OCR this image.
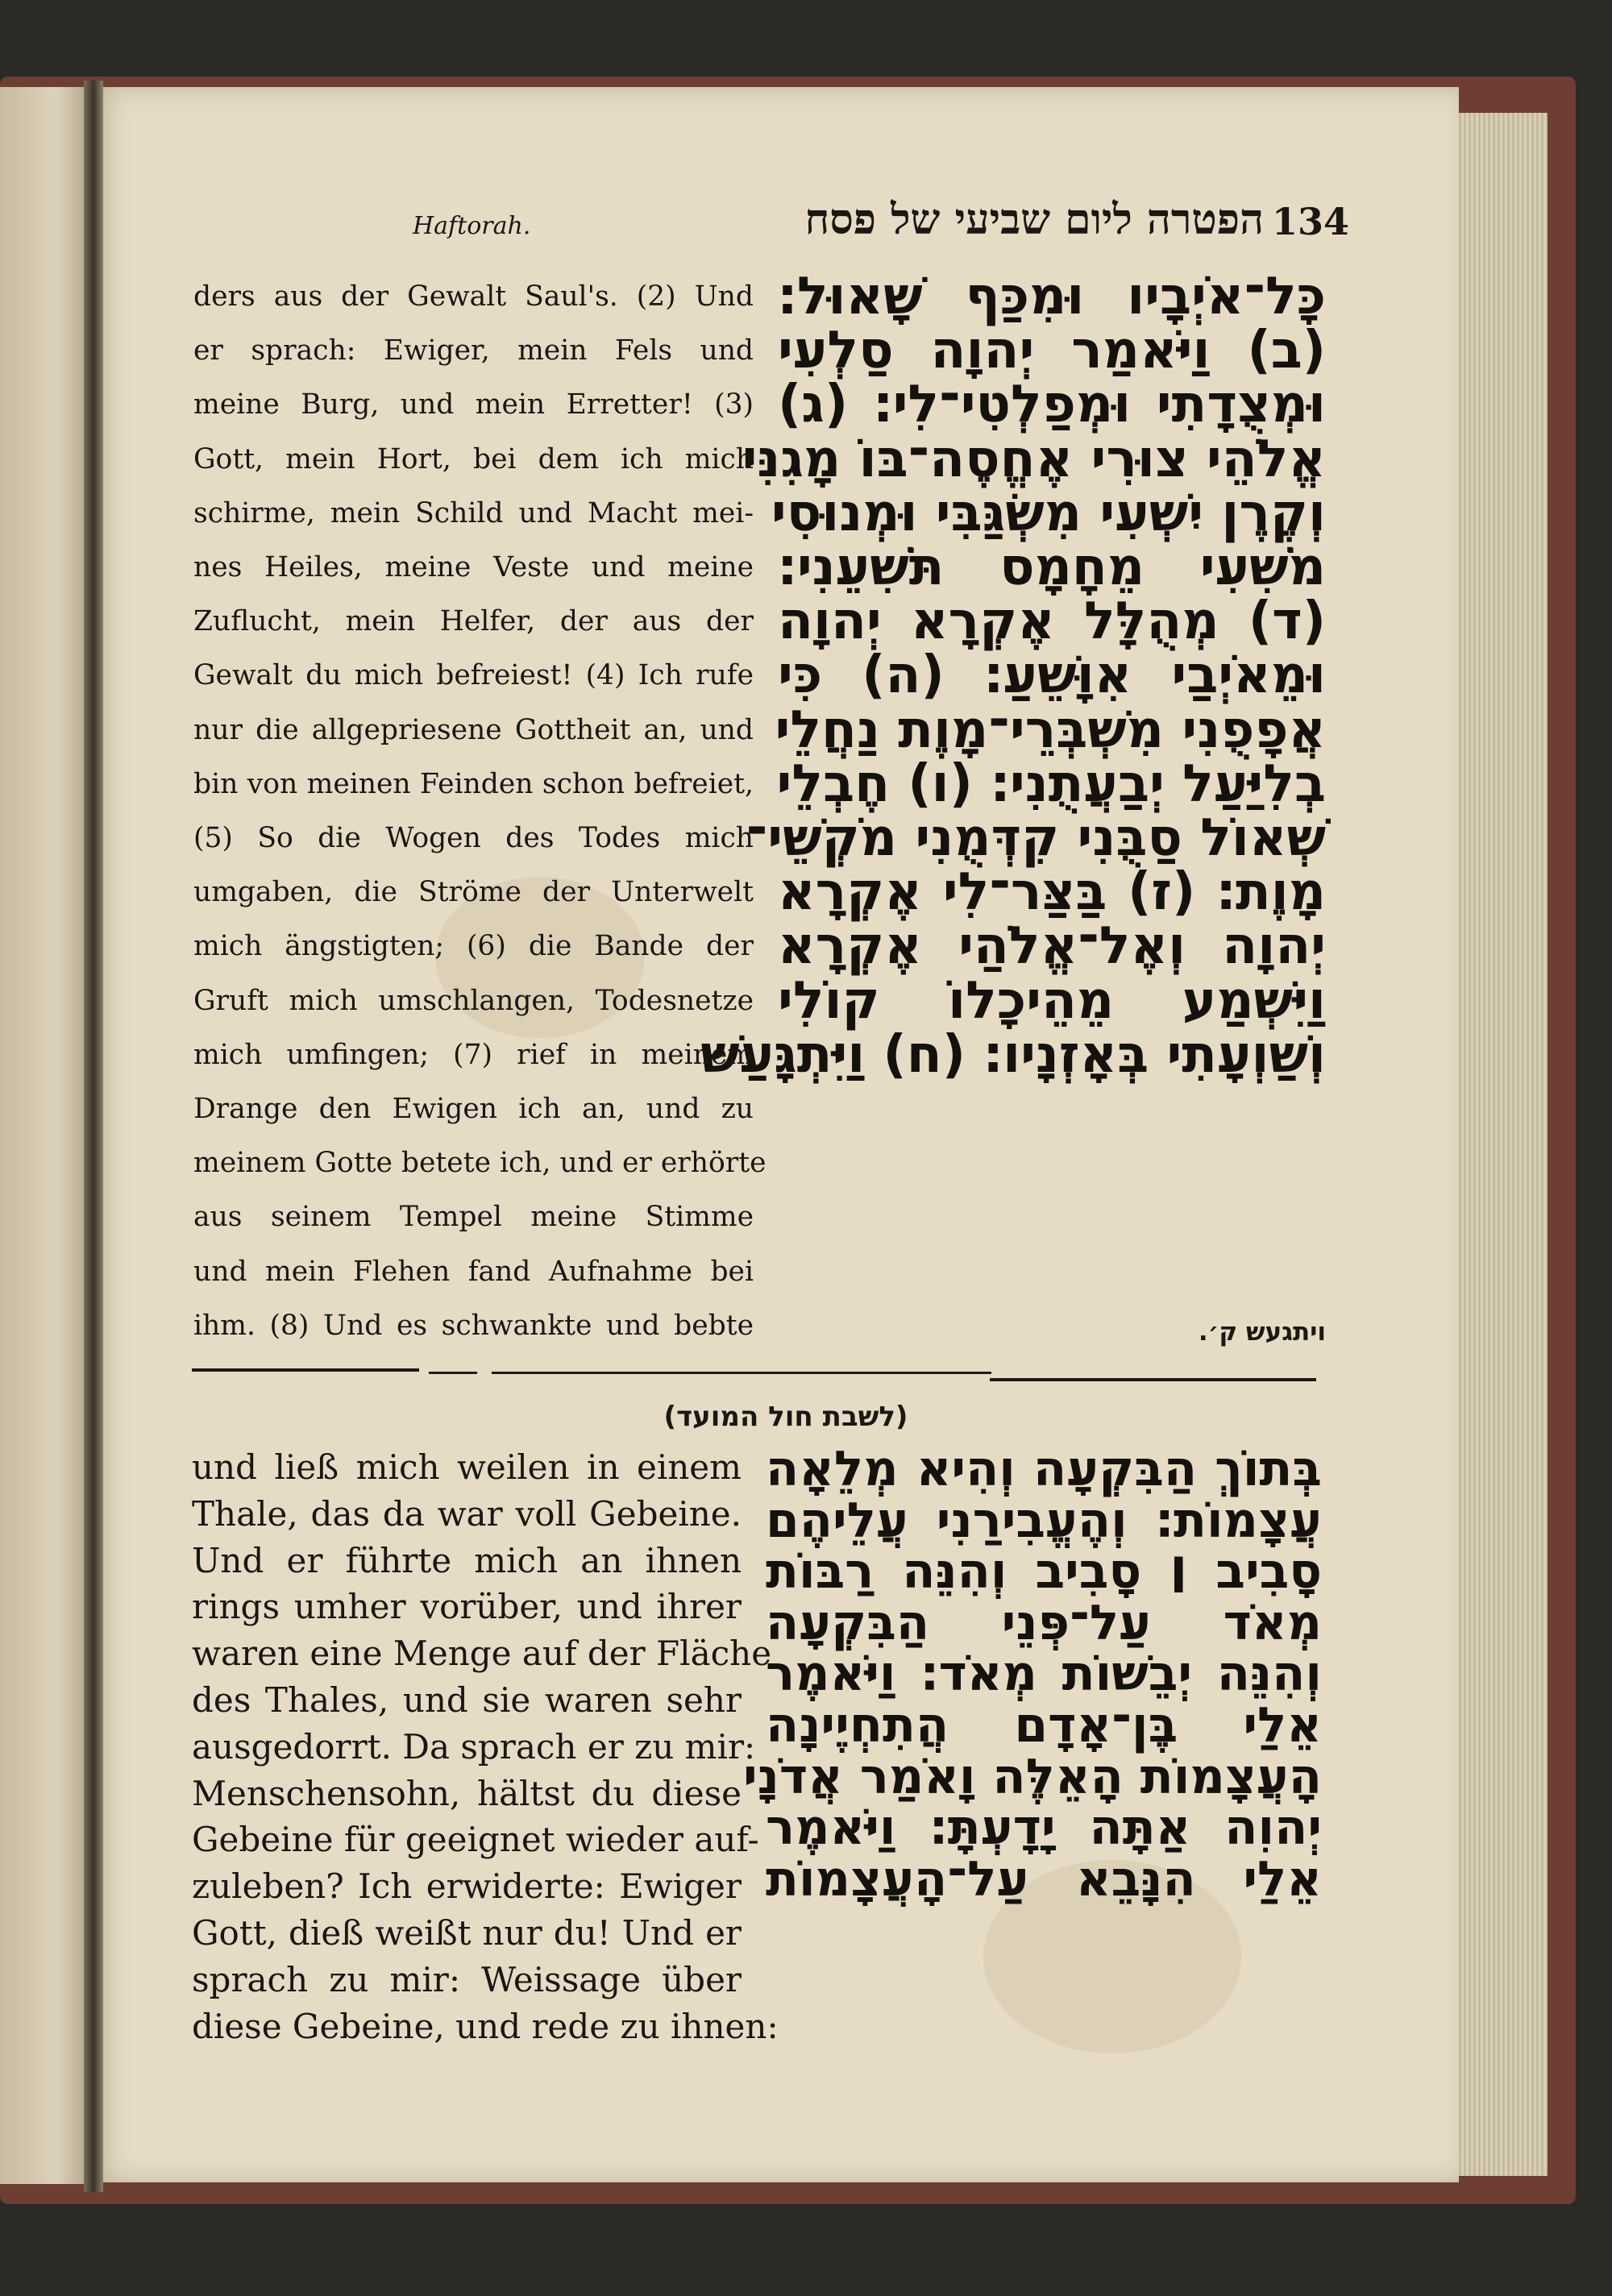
134
הפטרה ליום שביעי של פסח
Haftorah.
כָּל־אֹיְבָיו וּמִכַּף שָׁאוּל׃
(ב) וַיֹּאמַר יְהוָה סַלְעִי
וּמְצֻדָתִי וּמְפַלְטִי־לִי׃ (ג)
אֱלֹהֵי צוּרִי אֶחֱסֶה־בּוֹ מָגִנִּי
וְקֶרֶן יִשְׁעִי מִשְׂגַּבִּי וּמְנוּסִי
מֹשִׁעִי מֵחָמָס תֹּשִׁעֵנִי׃
(ד) מְהֻלָּל אֶקְרָא יְהוָה
וּמֵאֹיְבַי אִוָּשֵׁעַ׃ (ה) כִּי
אֲפָפֻנִי מִשְׁבְּרֵי־מָוֶת נַחֲלֵי
בְלִיַּעַל יְבַעֲתֻנִי׃ (ו) חֶבְלֵי
שְׁאוֹל סַבֻּנִי קִדְּמֻנִי מֹקְשֵׁי־
מָוֶת׃ (ז) בַּצַּר־לִי אֶקְרָא
יְהוָה וְאֶל־אֱלֹהַי אֶקְרָא
וַיִּשְׁמַע מֵהֵיכָלוֹ קוֹלִי
וְשַׁוְעָתִי בְּאָזְנָיו׃ (ח) וַיִּתְגָּעַשׁ
ders aus der Gewalt Saul's. (2) Und
er sprach: Ewiger, mein Fels und
meine Burg, und mein Erretter! (3)
Gott, mein Hort, bei dem ich mich
schirme, mein Schild und Macht mei-
nes Heiles, meine Veste und meine
Zuflucht, mein Helfer, der aus der
Gewalt du mich befreiest! (4) Ich rufe
nur die allgepriesene Gottheit an, und
bin von meinen Feinden schon befreiet,
(5) So die Wogen des Todes mich
umgaben, die Ströme der Unterwelt
mich ängstigten; (6) die Bande der
Gruft mich umschlangen, Todesnetze
mich umfingen; (7) rief in meinem
Drange den Ewigen ich an, und zu
meinem Gotte betete ich, und er erhörte
aus seinem Tempel meine Stimme
und mein Flehen fand Aufnahme bei
ihm. (8) Und es schwankte und bebte	ויתגעש ק׳.
(לשבת חול המועד)
בְּתוֹךְ הַבִּקְעָה וְהִיא מְלֵאָה
עֲצָמוֹת׃ וְהֶעֱבִירַנִי עֲלֵיהֶם
סָבִיב ׀ סָבִיב וְהִנֵּה רַבּוֹת
מְאֹד עַל־פְּנֵי הַבִּקְעָה
וְהִנֵּה יְבֵשׁוֹת מְאֹד׃ וַיֹּאמֶר
אֵלַי בֶּן־אָדָם הֲתִחְיֶינָה
הָעֲצָמוֹת הָאֵלֶּה וָאֹמַר אֲדֹנָי
יְהוִה אַתָּה יָדָעְתָּ׃ וַיֹּאמֶר
אֵלַי הִנָּבֵא עַל־הָעֲצָמוֹת
und ließ mich weilen in einem
Thale, das da war voll Gebeine.
Und er führte mich an ihnen
rings umher vorüber, und ihrer
waren eine Menge auf der Fläche
des Thales, und sie waren sehr
ausgedorrt. Da sprach er zu mir:
Menschensohn, hältst du diese
Gebeine für geeignet wieder auf-
zuleben? Ich erwiderte: Ewiger
Gott, dieß weißt nur du! Und er
sprach zu mir: Weissage über
diese Gebeine, und rede zu ihnen:
